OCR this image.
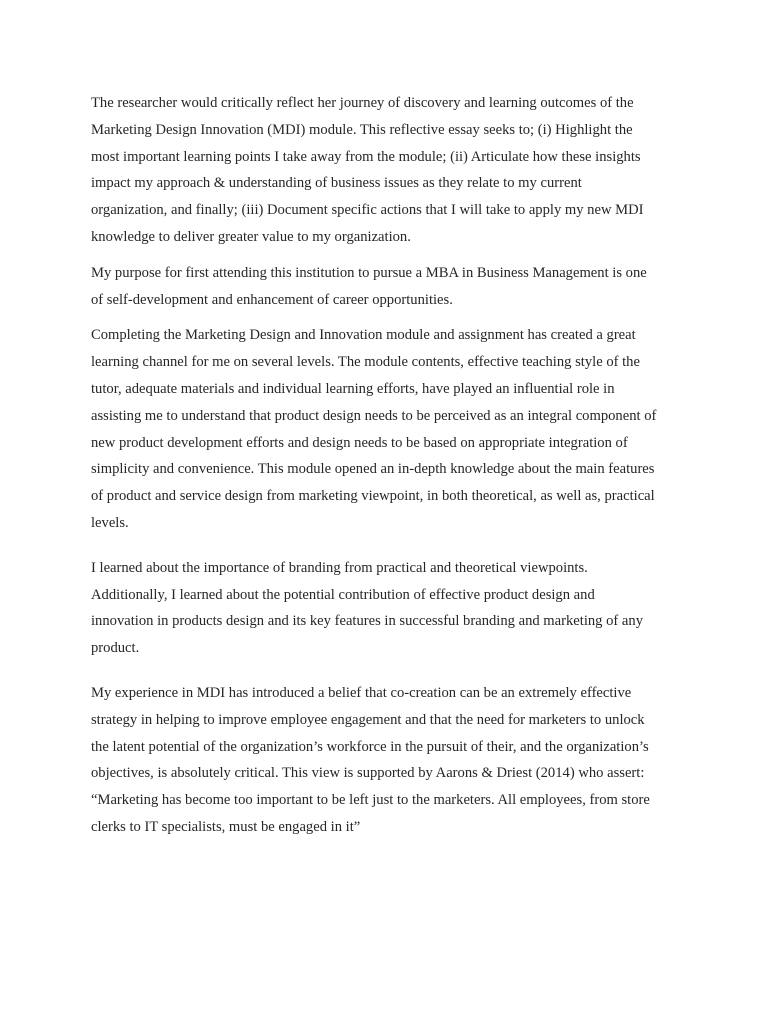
The researcher would critically reflect her journey of discovery and learning outcomes of the
Marketing Design Innovation (MDI) module. This reflective essay seeks to; (i) Highlight the
most important learning points I take away from the module; (ii) Articulate how these insights
impact my approach & understanding of business issues as they relate to my current
organization, and finally; (iii) Document specific actions that I will take to apply my new MDI
knowledge to deliver greater value to my organization.

My purpose for first attending this institution to pursue a MBA in Business Management is one
of self-development and enhancement of career opportunities.

Completing the Marketing Design and Innovation module and assignment has created a great
learning channel for me on several levels. The module contents, effective teaching style of the
tutor, adequate materials and individual learning efforts, have played an influential role in
assisting me to understand that product design needs to be perceived as an integral component of
new product development efforts and design needs to be based on appropriate integration of
simplicity and convenience. This module opened an in-depth knowledge about the main features
of product and service design from marketing viewpoint, in both theoretical, as well as, practical
levels.

I learned about the importance of branding from practical and theoretical viewpoints.
Additionally, I learned about the potential contribution of effective product design and
innovation in products design and its key features in successful branding and marketing of any
product.

My experience in MDI has introduced a belief that co-creation can be an extremely effective
strategy in helping to improve employee engagement and that the need for marketers to unlock
the latent potential of the organization’s workforce in the pursuit of their, and the organization’s
objectives, is absolutely critical. This view is supported by Aarons & Driest (2014) who assert:
“Marketing has become too important to be left just to the marketers. All employees, from store
clerks to IT specialists, must be engaged in it”
